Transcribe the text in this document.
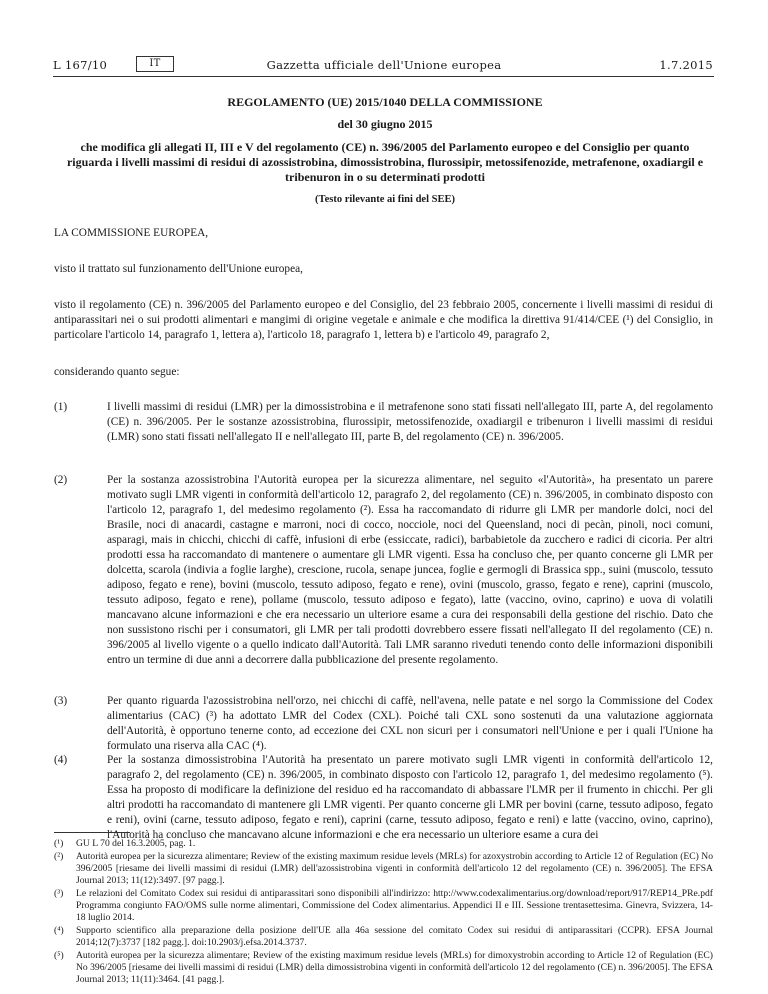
L 167/10	IT	Gazzetta ufficiale dell'Unione europea	1.7.2015
REGOLAMENTO (UE) 2015/1040 DELLA COMMISSIONE
del 30 giugno 2015
che modifica gli allegati II, III e V del regolamento (CE) n. 396/2005 del Parlamento europeo e del Consiglio per quanto riguarda i livelli massimi di residui di azossistrobina, dimossistrobina, flurossipir, metossifenozide, metrafenone, oxadiargil e tribenuron in o su determinati prodotti
(Testo rilevante ai fini del SEE)
LA COMMISSIONE EUROPEA,
visto il trattato sul funzionamento dell'Unione europea,
visto il regolamento (CE) n. 396/2005 del Parlamento europeo e del Consiglio, del 23 febbraio 2005, concernente i livelli massimi di residui di antiparassitari nei o sui prodotti alimentari e mangimi di origine vegetale e animale e che modifica la direttiva 91/414/CEE (¹) del Consiglio, in particolare l'articolo 14, paragrafo 1, lettera a), l'articolo 18, paragrafo 1, lettera b) e l'articolo 49, paragrafo 2,
considerando quanto segue:
(1)	I livelli massimi di residui (LMR) per la dimossistrobina e il metrafenone sono stati fissati nell'allegato III, parte A, del regolamento (CE) n. 396/2005. Per le sostanze azossistrobina, flurossipir, metossifenozide, oxadiargil e tribenuron i livelli massimi di residui (LMR) sono stati fissati nell'allegato II e nell'allegato III, parte B, del regolamento (CE) n. 396/2005.
(2)	Per la sostanza azossistrobina l'Autorità europea per la sicurezza alimentare, nel seguito «l'Autorità», ha presentato un parere motivato sugli LMR vigenti in conformità dell'articolo 12, paragrafo 2, del regolamento (CE) n. 396/2005, in combinato disposto con l'articolo 12, paragrafo 1, del medesimo regolamento (²). Essa ha raccomandato di ridurre gli LMR per mandorle dolci, noci del Brasile, noci di anacardi, castagne e marroni, noci di cocco, nocciole, noci del Queensland, noci di pecàn, pinoli, noci comuni, asparagi, mais in chicchi, chicchi di caffè, infusioni di erbe (essiccate, radici), barbabietole da zucchero e radici di cicoria. Per altri prodotti essa ha raccomandato di mantenere o aumentare gli LMR vigenti. Essa ha concluso che, per quanto concerne gli LMR per dolcetta, scarola (indivia a foglie larghe), crescione, rucola, senape juncea, foglie e germogli di Brassica spp., suini (muscolo, tessuto adiposo, fegato e rene), bovini (muscolo, tessuto adiposo, fegato e rene), ovini (muscolo, grasso, fegato e rene), caprini (muscolo, tessuto adiposo, fegato e rene), pollame (muscolo, tessuto adiposo e fegato), latte (vaccino, ovino, caprino) e uova di volatili mancavano alcune informazioni e che era necessario un ulteriore esame a cura dei responsabili della gestione del rischio. Dato che non sussistono rischi per i consumatori, gli LMR per tali prodotti dovrebbero essere fissati nell'allegato II del regolamento (CE) n. 396/2005 al livello vigente o a quello indicato dall'Autorità. Tali LMR saranno riveduti tenendo conto delle informazioni disponibili entro un termine di due anni a decorrere dalla pubblicazione del presente regolamento.
(3)	Per quanto riguarda l'azossistrobina nell'orzo, nei chicchi di caffè, nell'avena, nelle patate e nel sorgo la Commissione del Codex alimentarius (CAC) (³) ha adottato LMR del Codex (CXL). Poiché tali CXL sono sostenuti da una valutazione aggiornata dell'Autorità, è opportuno tenerne conto, ad eccezione dei CXL non sicuri per i consumatori nell'Unione e per i quali l'Unione ha formulato una riserva alla CAC (⁴).
(4)	Per la sostanza dimossistrobina l'Autorità ha presentato un parere motivato sugli LMR vigenti in conformità dell'articolo 12, paragrafo 2, del regolamento (CE) n. 396/2005, in combinato disposto con l'articolo 12, paragrafo 1, del medesimo regolamento (⁵). Essa ha proposto di modificare la definizione del residuo ed ha raccomandato di abbassare l'LMR per il frumento in chicchi. Per gli altri prodotti ha raccomandato di mantenere gli LMR vigenti. Per quanto concerne gli LMR per bovini (carne, tessuto adiposo, fegato e reni), ovini (carne, tessuto adiposo, fegato e reni), caprini (carne, tessuto adiposo, fegato e reni) e latte (vaccino, ovino, caprino), l'Autorità ha concluso che mancavano alcune informazioni e che era necessario un ulteriore esame a cura dei
(¹) GU L 70 del 16.3.2005, pag. 1.
(²) Autorità europea per la sicurezza alimentare; Review of the existing maximum residue levels (MRLs) for azoxystrobin according to Article 12 of Regulation (EC) No 396/2005 [riesame dei livelli massimi di residui (LMR) dell'azossistrobina vigenti in conformità dell'articolo 12 del regolamento (CE) n. 396/2005]. The EFSA Journal 2013; 11(12):3497. [97 pagg.].
(³) Le relazioni del Comitato Codex sui residui di antiparassitari sono disponibili all'indirizzo: http://www.codexalimentarius.org/download/report/917/REP14_PRe.pdf Programma congiunto FAO/OMS sulle norme alimentari, Commissione del Codex alimentarius. Appendici II e III. Sessione trentasettesima. Ginevra, Svizzera, 14-18 luglio 2014.
(⁴) Supporto scientifico alla preparazione della posizione dell'UE alla 46a sessione del comitato Codex sui residui di antiparassitari (CCPR). EFSA Journal 2014;12(7):3737 [182 pagg.]. doi:10.2903/j.efsa.2014.3737.
(⁵) Autorità europea per la sicurezza alimentare; Review of the existing maximum residue levels (MRLs) for dimoxystrobin according to Article 12 of Regulation (EC) No 396/2005 [riesame dei livelli massimi di residui (LMR) della dimossistrobina vigenti in conformità dell'articolo 12 del regolamento (CE) n. 396/2005]. The EFSA Journal 2013; 11(11):3464. [41 pagg.].
